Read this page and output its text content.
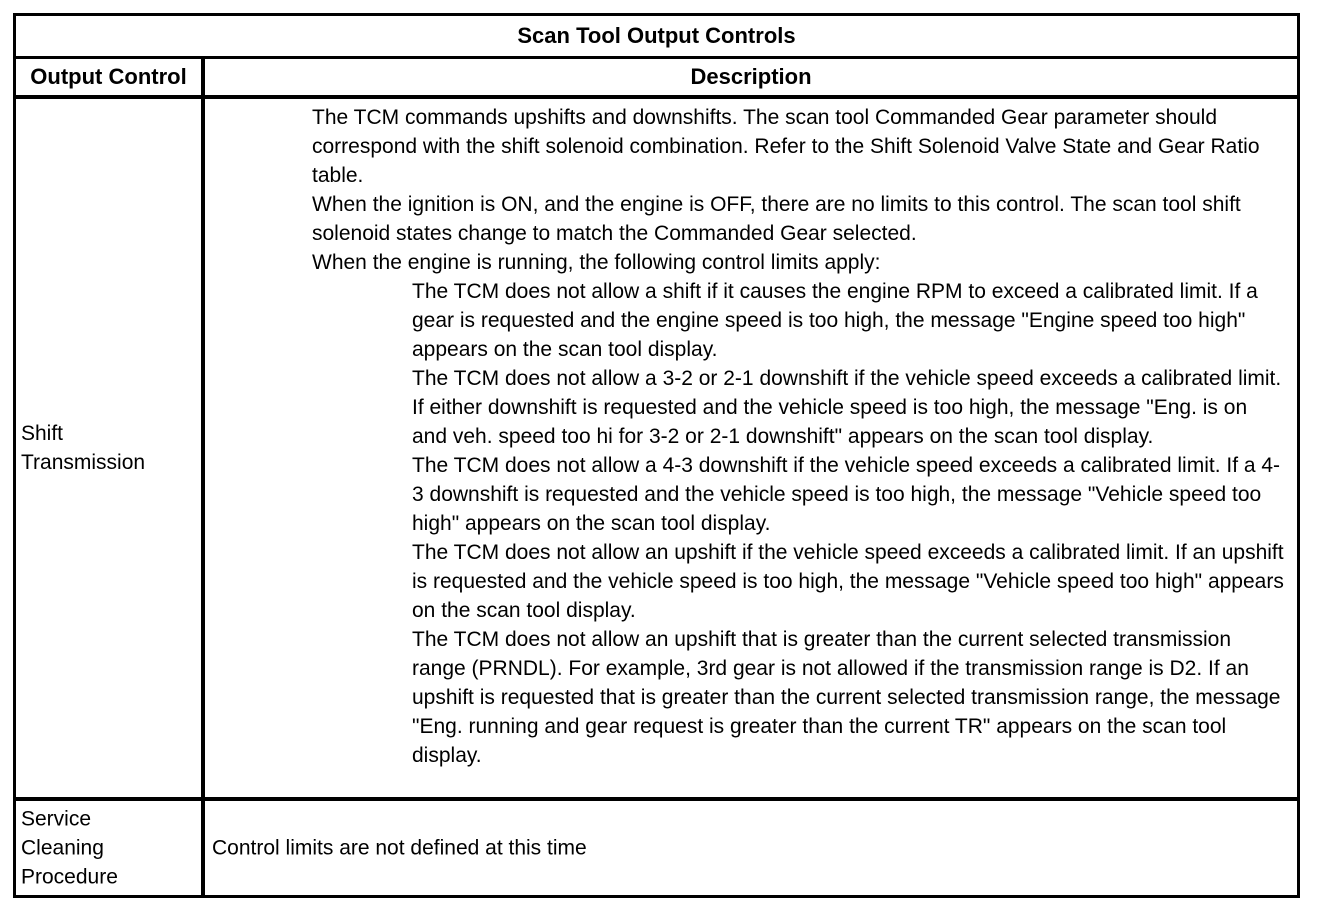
Scan Tool Output Controls
Output Control	Description
Shift Transmission

The TCM commands upshifts and downshifts. The scan tool Commanded Gear parameter should correspond with the shift solenoid combination. Refer to the Shift Solenoid Valve State and Gear Ratio table.

When the ignition is ON, and the engine is OFF, there are no limits to this control. The scan tool shift solenoid states change to match the Commanded Gear selected.

When the engine is running, the following control limits apply:

The TCM does not allow a shift if it causes the engine RPM to exceed a calibrated limit. If a gear is requested and the engine speed is too high, the message "Engine speed too high" appears on the scan tool display.

The TCM does not allow a 3-2 or 2-1 downshift if the vehicle speed exceeds a calibrated limit. If either downshift is requested and the vehicle speed is too high, the message "Eng. is on and veh. speed too hi for 3-2 or 2-1 downshift" appears on the scan tool display.

The TCM does not allow a 4-3 downshift if the vehicle speed exceeds a calibrated limit. If a 4-3 downshift is requested and the vehicle speed is too high, the message "Vehicle speed too high" appears on the scan tool display.

The TCM does not allow an upshift if the vehicle speed exceeds a calibrated limit. If an upshift is requested and the vehicle speed is too high, the message "Vehicle speed too high" appears on the scan tool display.

The TCM does not allow an upshift that is greater than the current selected transmission range (PRNDL). For example, 3rd gear is not allowed if the transmission range is D2. If an upshift is requested that is greater than the current selected transmission range, the message "Eng. running and gear request is greater than the current TR" appears on the scan tool display.

Service Cleaning Procedure
Control limits are not defined at this time
